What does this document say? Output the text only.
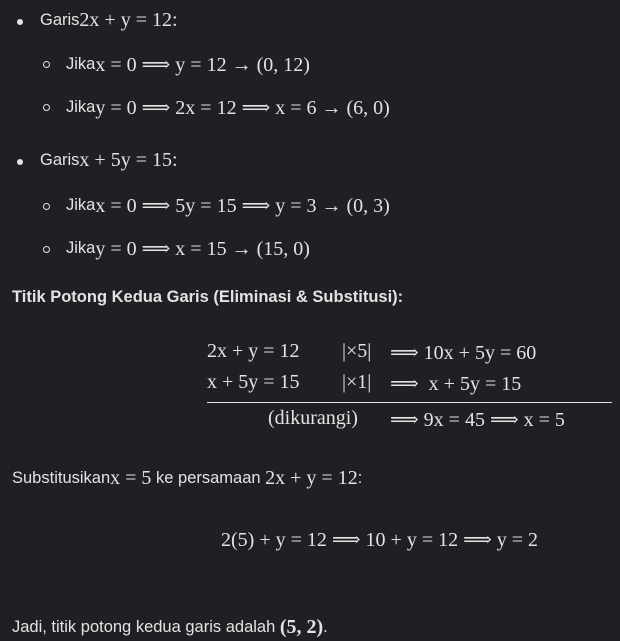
Garis 2x + y = 12:
Jika x = 0 ⟹ y = 12 → (0, 12)
Jika y = 0 ⟹ 2x = 12 ⟹ x = 6 → (6, 0)
Garis x + 5y = 15:
Jika x = 0 ⟹ 5y = 15 ⟹ y = 3 → (0, 3)
Jika y = 0 ⟹ x = 15 → (15, 0)
Titik Potong Kedua Garis (Eliminasi & Substitusi):
2x + y = 12 |×5| ⟹ 10x + 5y = 60
x + 5y = 15 |×1| ⟹  x + 5y = 15
(dikurangi) ⟹ 9x = 45 ⟹ x = 5
Substitusikan x = 5 ke persamaan 2x + y = 12 :
2(5) + y = 12 ⟹ 10 + y = 12 ⟹ y = 2
Jadi, titik potong kedua garis adalah (5, 2) .
